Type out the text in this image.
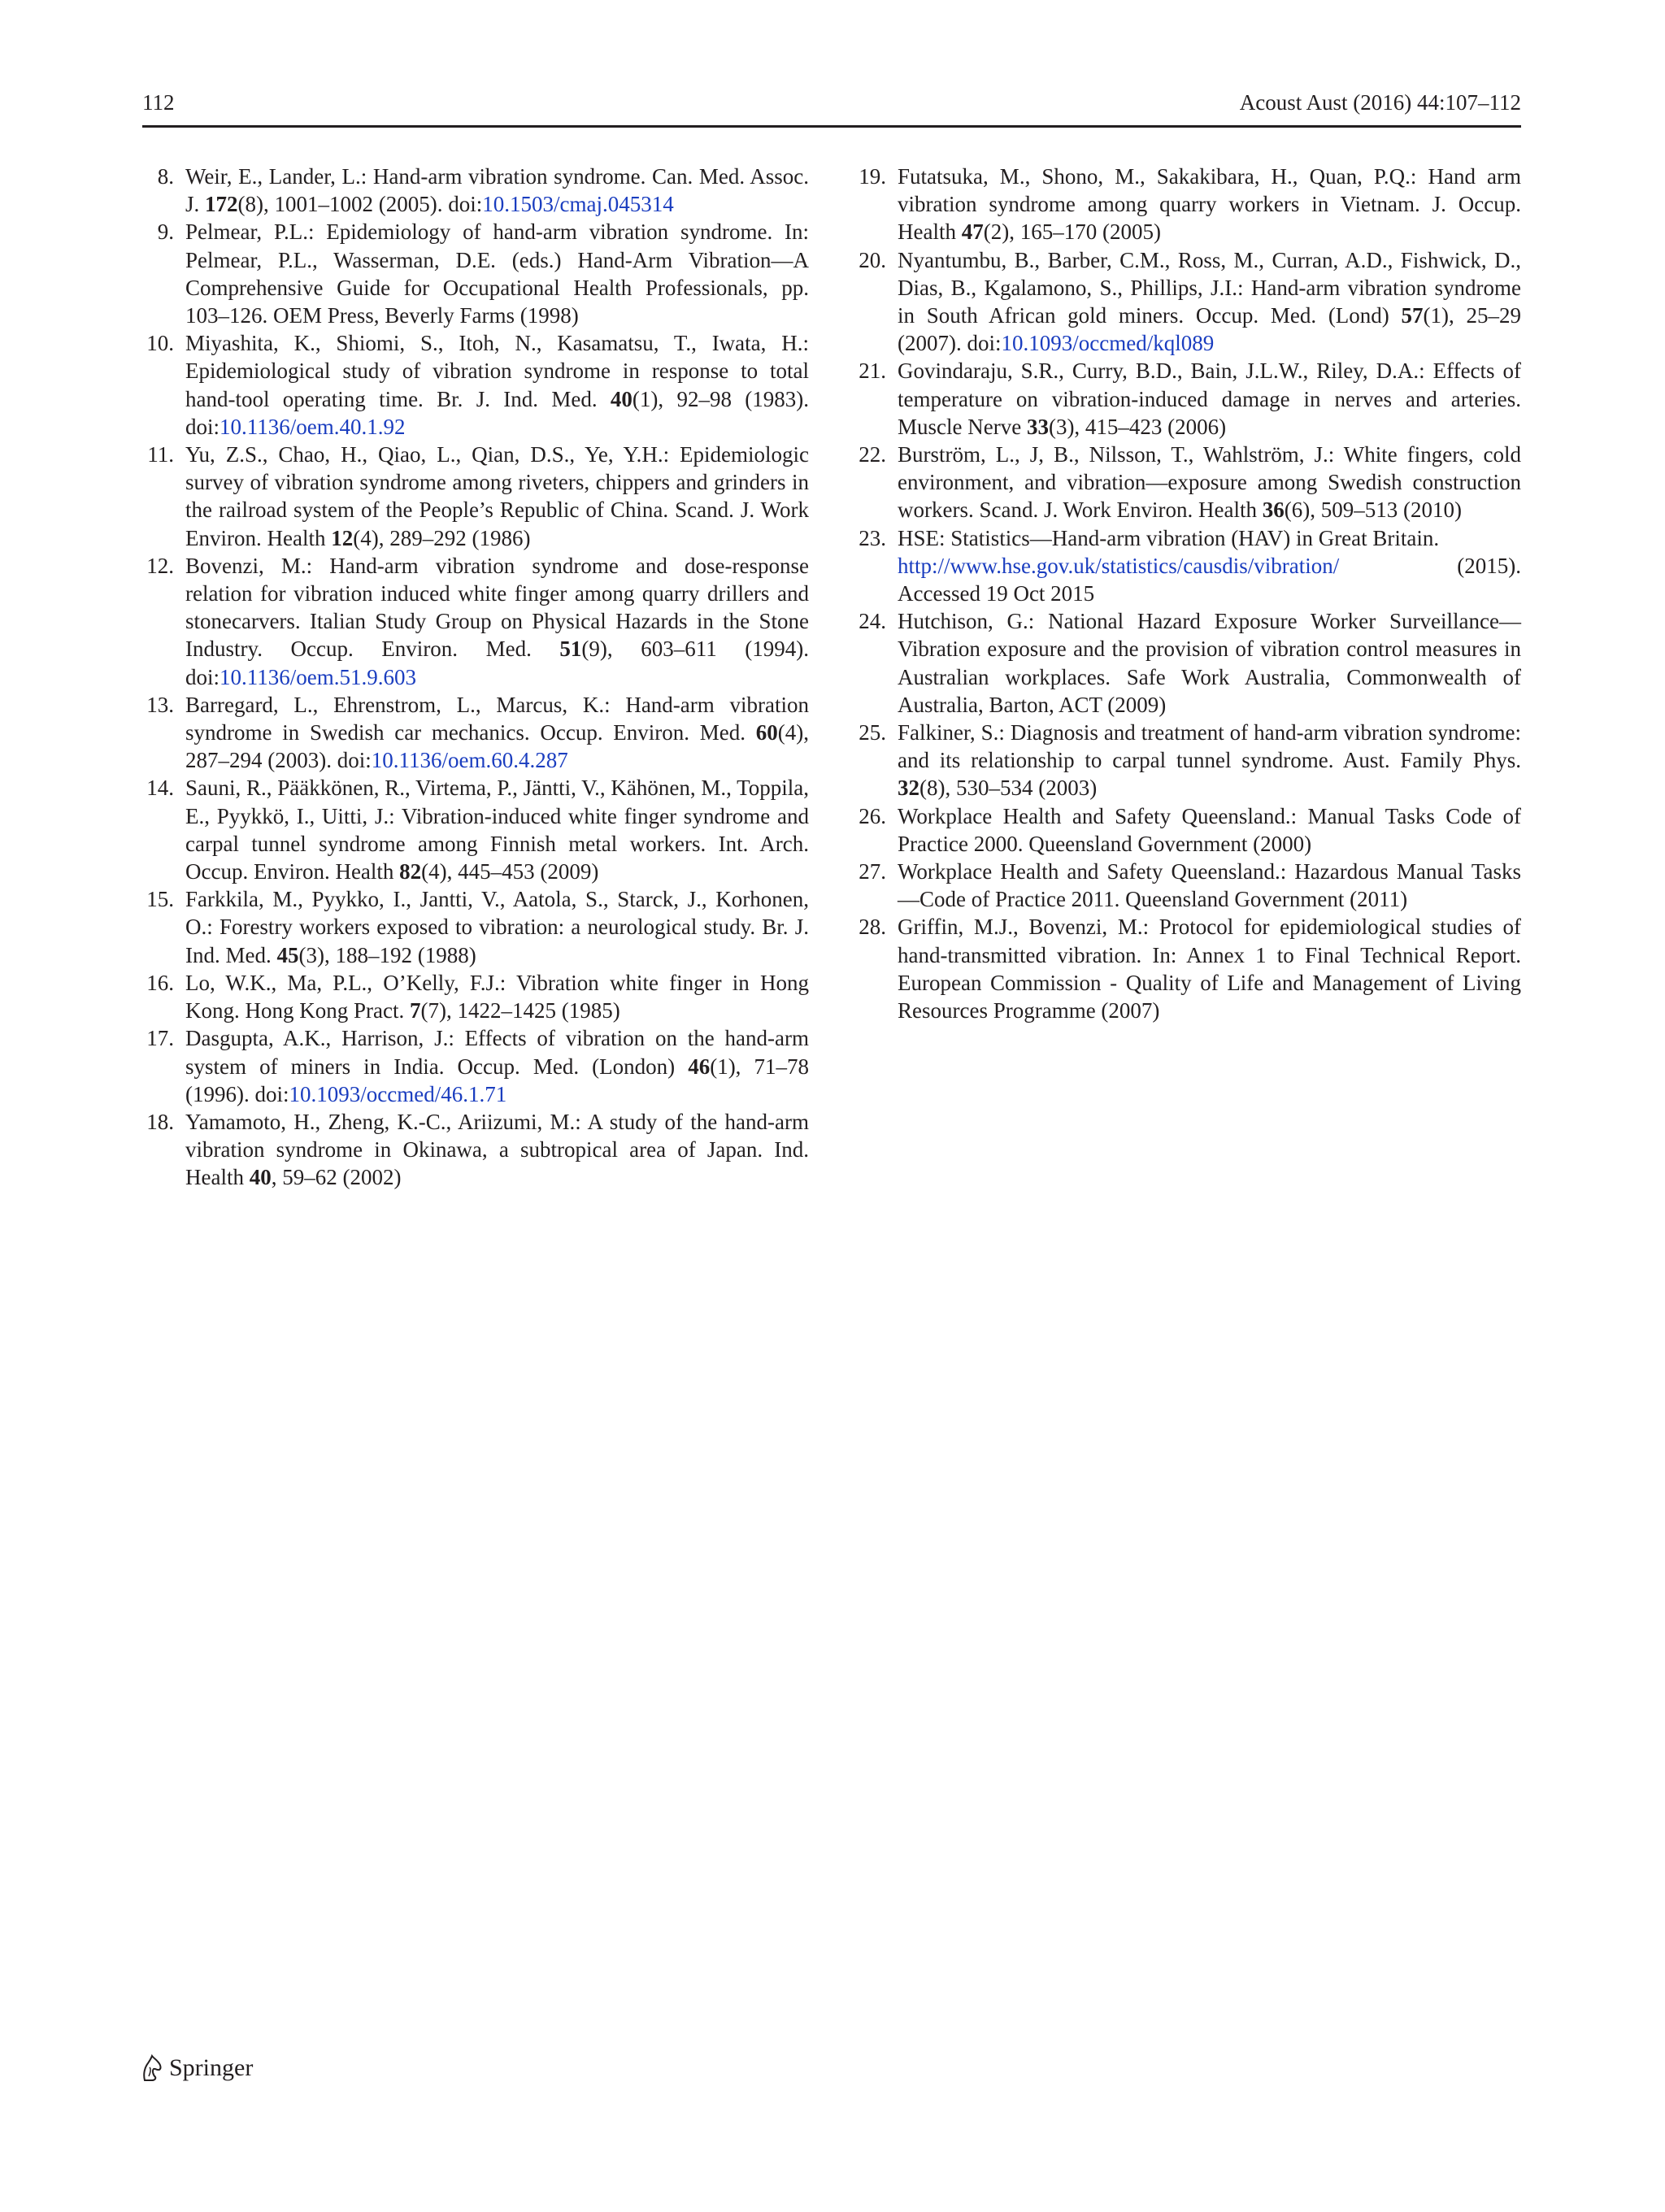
112	Acoust Aust (2016) 44:107–112
8. Weir, E., Lander, L.: Hand-arm vibration syndrome. Can. Med. Assoc. J. 172(8), 1001–1002 (2005). doi:10.1503/cmaj.045314
9. Pelmear, P.L.: Epidemiology of hand-arm vibration syndrome. In: Pelmear, P.L., Wasserman, D.E. (eds.) Hand-Arm Vibration—A Comprehensive Guide for Occupational Health Professionals, pp. 103–126. OEM Press, Beverly Farms (1998)
10. Miyashita, K., Shiomi, S., Itoh, N., Kasamatsu, T., Iwata, H.: Epidemiological study of vibration syndrome in response to total hand-tool operating time. Br. J. Ind. Med. 40(1), 92–98 (1983). doi:10.1136/oem.40.1.92
11. Yu, Z.S., Chao, H., Qiao, L., Qian, D.S., Ye, Y.H.: Epidemiologic survey of vibration syndrome among riveters, chippers and grinders in the railroad system of the People’s Republic of China. Scand. J. Work Environ. Health 12(4), 289–292 (1986)
12. Bovenzi, M.: Hand-arm vibration syndrome and dose-response relation for vibration induced white finger among quarry drillers and stonecarvers. Italian Study Group on Physical Hazards in the Stone Industry. Occup. Environ. Med. 51(9), 603–611 (1994). doi:10.1136/oem.51.9.603
13. Barregard, L., Ehrenstrom, L., Marcus, K.: Hand-arm vibration syndrome in Swedish car mechanics. Occup. Environ. Med. 60(4), 287–294 (2003). doi:10.1136/oem.60.4.287
14. Sauni, R., Pääkkönen, R., Virtema, P., Jäntti, V., Kähönen, M., Toppila, E., Pyykkö, I., Uitti, J.: Vibration-induced white finger syndrome and carpal tunnel syndrome among Finnish metal workers. Int. Arch. Occup. Environ. Health 82(4), 445–453 (2009)
15. Farkkila, M., Pyykko, I., Jantti, V., Aatola, S., Starck, J., Korhonen, O.: Forestry workers exposed to vibration: a neurological study. Br. J. Ind. Med. 45(3), 188–192 (1988)
16. Lo, W.K., Ma, P.L., O’Kelly, F.J.: Vibration white finger in Hong Kong. Hong Kong Pract. 7(7), 1422–1425 (1985)
17. Dasgupta, A.K., Harrison, J.: Effects of vibration on the hand-arm system of miners in India. Occup. Med. (London) 46(1), 71–78 (1996). doi:10.1093/occmed/46.1.71
18. Yamamoto, H., Zheng, K.-C., Ariizumi, M.: A study of the hand-arm vibration syndrome in Okinawa, a subtropical area of Japan. Ind. Health 40, 59–62 (2002)
19. Futatsuka, M., Shono, M., Sakakibara, H., Quan, P.Q.: Hand arm vibration syndrome among quarry workers in Vietnam. J. Occup. Health 47(2), 165–170 (2005)
20. Nyantumbu, B., Barber, C.M., Ross, M., Curran, A.D., Fishwick, D., Dias, B., Kgalamono, S., Phillips, J.I.: Hand-arm vibration syndrome in South African gold miners. Occup. Med. (Lond) 57(1), 25–29 (2007). doi:10.1093/occmed/kql089
21. Govindaraju, S.R., Curry, B.D., Bain, J.L.W., Riley, D.A.: Effects of temperature on vibration-induced damage in nerves and arteries. Muscle Nerve 33(3), 415–423 (2006)
22. Burström, L., J, B., Nilsson, T., Wahlström, J.: White fingers, cold environment, and vibration—exposure among Swedish construction workers. Scand. J. Work Environ. Health 36(6), 509–513 (2010)
23. HSE: Statistics—Hand-arm vibration (HAV) in Great Britain.
http://www.hse.gov.uk/statistics/causdis/vibration/	(2015).
Accessed 19 Oct 2015
24. Hutchison, G.: National Hazard Exposure Worker Surveillance—Vibration exposure and the provision of vibration control measures in Australian workplaces. Safe Work Australia, Commonwealth of Australia, Barton, ACT (2009)
25. Falkiner, S.: Diagnosis and treatment of hand-arm vibration syndrome: and its relationship to carpal tunnel syndrome. Aust. Family Phys. 32(8), 530–534 (2003)
26. Workplace Health and Safety Queensland.: Manual Tasks Code of Practice 2000. Queensland Government (2000)
27. Workplace Health and Safety Queensland.: Hazardous Manual Tasks—Code of Practice 2011. Queensland Government (2011)
28. Griffin, M.J., Bovenzi, M.: Protocol for epidemiological studies of hand-transmitted vibration. In: Annex 1 to Final Technical Report. European Commission - Quality of Life and Management of Living Resources Programme (2007)
Springer
